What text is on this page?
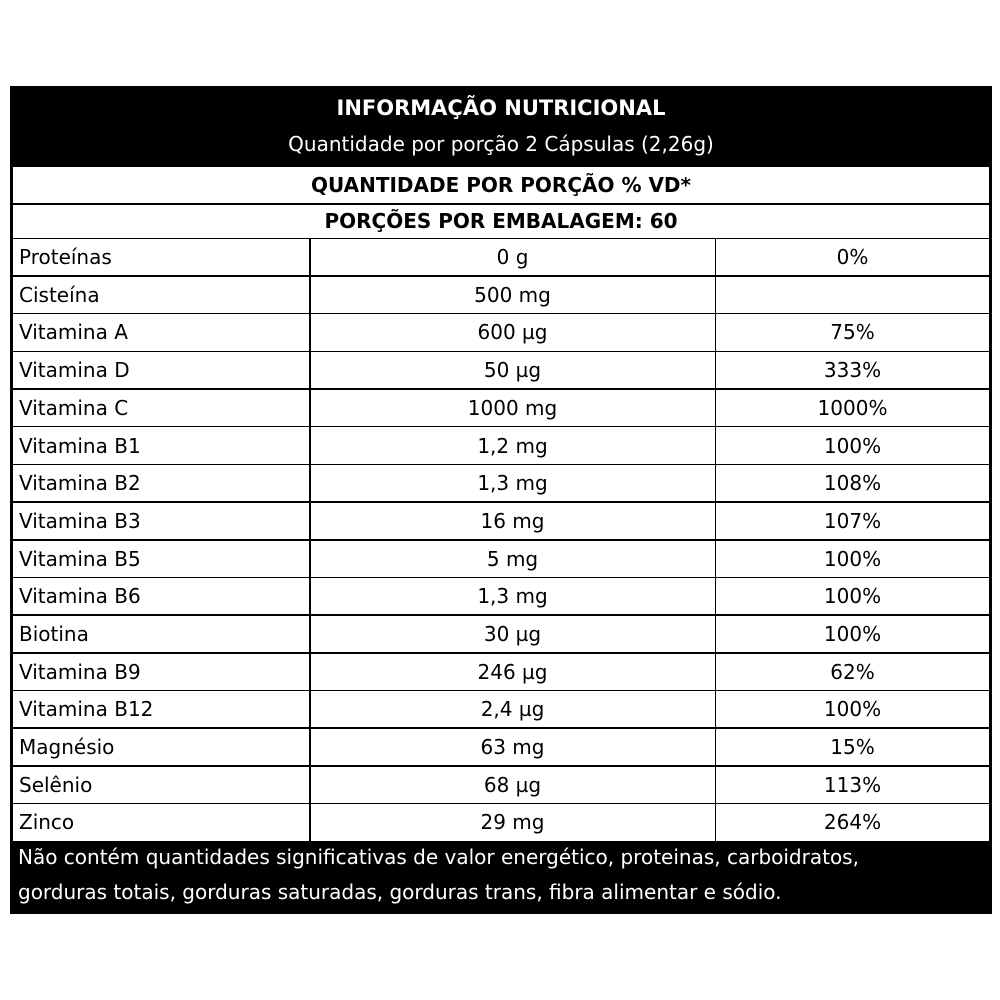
INFORMAÇÃO NUTRICIONAL
Quantidade por porção 2 Cápsulas (2,26g)
QUANTIDADE POR PORÇÃO % VD*
PORÇÕES POR EMBALAGEM: 60
Proteínas	0 g	0%
Cisteína	500 mg
Vitamina A	600 µg	75%
Vitamina D	50 µg	333%
Vitamina C	1000 mg	1000%
Vitamina B1	1,2 mg	100%
Vitamina B2	1,3 mg	108%
Vitamina B3	16 mg	107%
Vitamina B5	5 mg	100%
Vitamina B6	1,3 mg	100%
Biotina	30 µg	100%
Vitamina B9	246 µg	62%
Vitamina B12	2,4 µg	100%
Magnésio	63 mg	15%
Selênio	68 µg	113%
Zinco	29 mg	264%
Não contém quantidades significativas de valor energético, proteinas, carboidratos,
gorduras totais, gorduras saturadas, gorduras trans, fibra alimentar e sódio.
